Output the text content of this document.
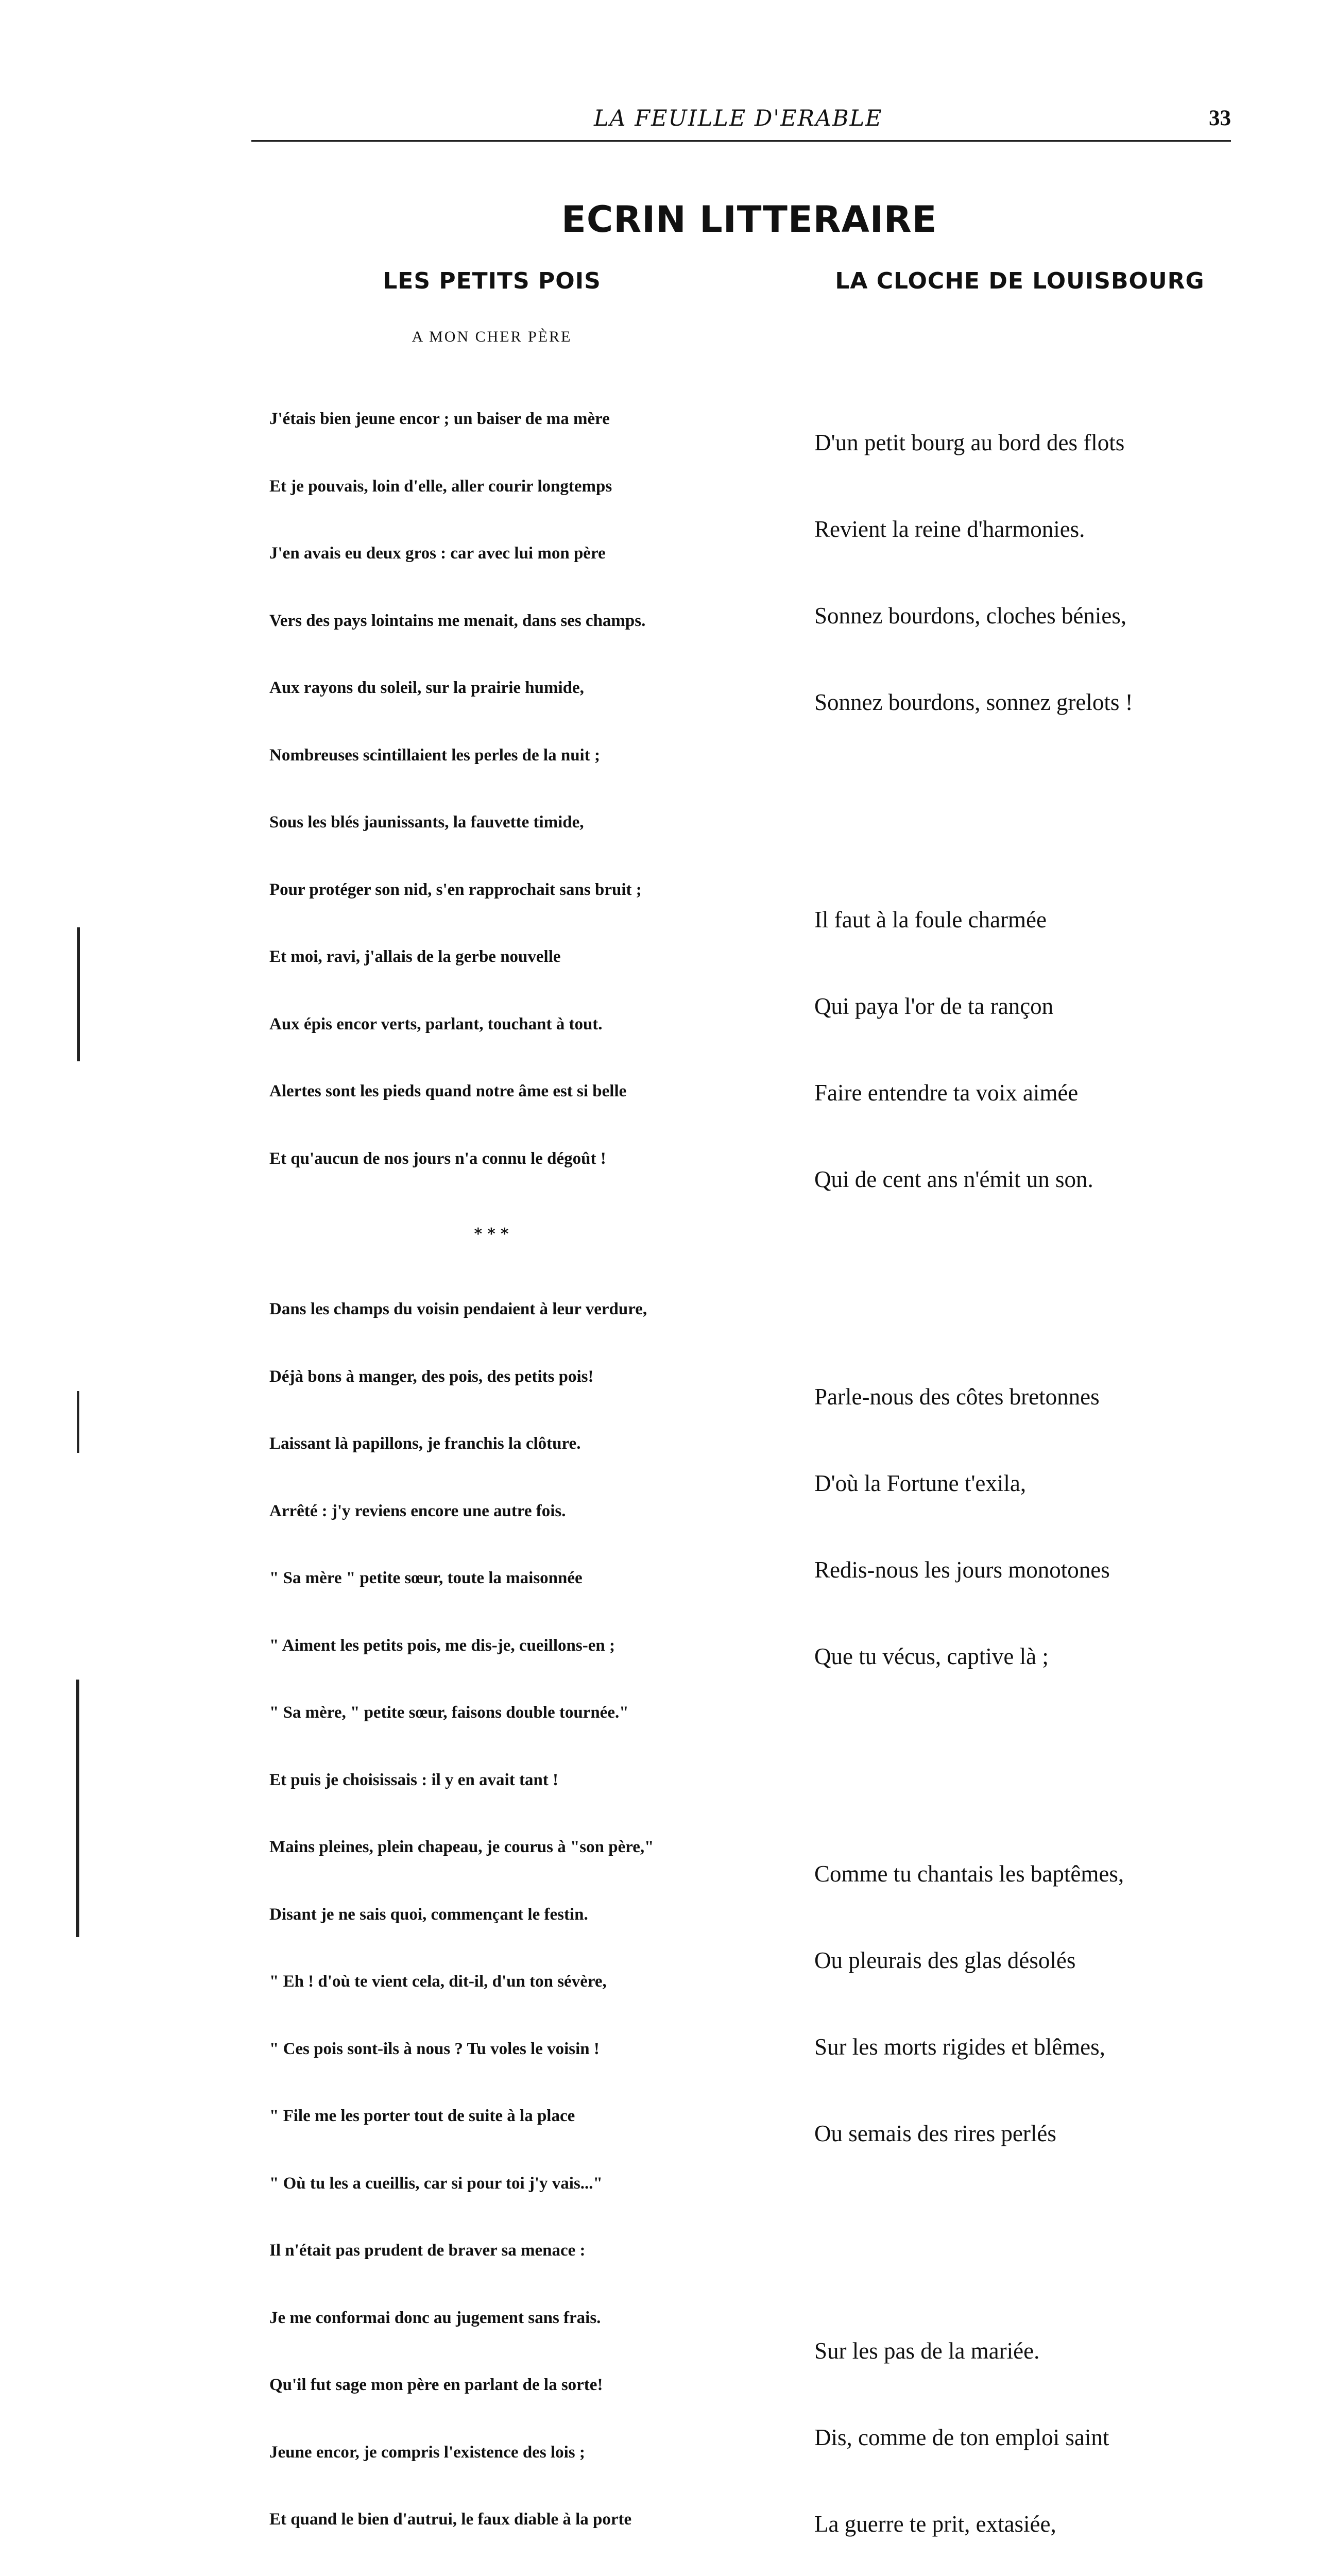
LA FEUILLE D'ERABLE	33
ECRIN LITTERAIRE
LES PETITS POIS
A MON CHER PÈRE

J'étais bien jeune encor ; un baiser de ma mère

Et je pouvais, loin d'elle, aller courir longtemps

J'en avais eu deux gros : car avec lui mon père

Vers des pays lointains me menait, dans ses champs.

Aux rayons du soleil, sur la prairie humide,

Nombreuses scintillaient les perles de la nuit ;

Sous les blés jaunissants, la fauvette timide,

Pour protéger son nid, s'en rapprochait sans bruit ;

Et moi, ravi, j'allais de la gerbe nouvelle

Aux épis encor verts, parlant, touchant à tout.

Alertes sont les pieds quand notre âme est si belle

Et qu'aucun de nos jours n'a connu le dégoût !

* * *

Dans les champs du voisin pendaient à leur verdure,

Déjà bons à manger, des pois, des petits pois!

Laissant là papillons, je franchis la clôture.

Arrêté : j'y reviens encore une autre fois.

" Sa mère " petite sœur, toute la maisonnée

" Aiment les petits pois, me dis-je, cueillons-en ;

" Sa mère, " petite sœur, faisons double tournée."

Et puis je choisissais : il y en avait tant !

Mains pleines, plein chapeau, je courus à "son père,"

Disant je ne sais quoi, commençant le festin.

" Eh ! d'où te vient cela, dit-il, d'un ton sévère,

" Ces pois sont-ils à nous ? Tu voles le voisin !

" File me les porter tout de suite à la place

" Où tu les a cueillis, car si pour toi j'y vais..."

Il n'était pas prudent de braver sa menace :

Je me conformai donc au jugement sans frais.

Qu'il fut sage mon père en parlant de la sorte!

Jeune encor, je compris l'existence des lois ;

Et quand le bien d'autrui, le faux diable à la porte

LA CLOCHE DE LOUISBOURG

D'un petit bourg au bord des flots

Revient la reine d'harmonies.

Sonnez bourdons, cloches bénies,

Sonnez bourdons, sonnez grelots !

Il faut à la foule charmée

Qui paya l'or de ta rançon

Faire entendre ta voix aimée

Qui de cent ans n'émit un son.

Parle-nous des côtes bretonnes

D'où la Fortune t'exila,

Redis-nous les jours monotones

Que tu vécus, captive là ;

Comme tu chantais les baptêmes,

Ou pleurais des glas désolés

Sur les morts rigides et blêmes,

Ou semais des rires perlés

Sur les pas de la mariée.

Dis, comme de ton emploi saint

La guerre te prit, extasiée,
